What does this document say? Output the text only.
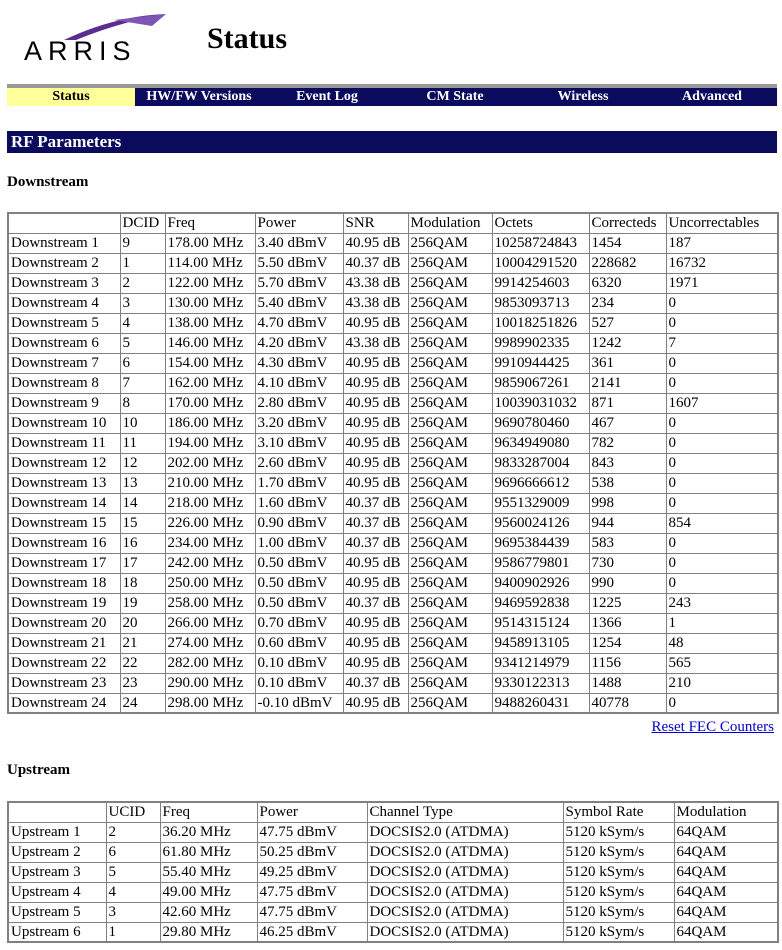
ARRIS Status
Status	HW/FW Versions	Event Log	CM State	Wireless	Advanced
RF Parameters
Downstream
	DCID	Freq	Power	SNR	Modulation	Octets	Correcteds	Uncorrectables
Downstream 1	9	178.00 MHz	3.40 dBmV	40.95 dB	256QAM	10258724843	1454	187
Downstream 2	1	114.00 MHz	5.50 dBmV	40.37 dB	256QAM	10004291520	228682	16732
Downstream 3	2	122.00 MHz	5.70 dBmV	43.38 dB	256QAM	9914254603	6320	1971
Downstream 4	3	130.00 MHz	5.40 dBmV	43.38 dB	256QAM	9853093713	234	0
Downstream 5	4	138.00 MHz	4.70 dBmV	40.95 dB	256QAM	10018251826	527	0
Downstream 6	5	146.00 MHz	4.20 dBmV	43.38 dB	256QAM	9989902335	1242	7
Downstream 7	6	154.00 MHz	4.30 dBmV	40.95 dB	256QAM	9910944425	361	0
Downstream 8	7	162.00 MHz	4.10 dBmV	40.95 dB	256QAM	9859067261	2141	0
Downstream 9	8	170.00 MHz	2.80 dBmV	40.95 dB	256QAM	10039031032	871	1607
Downstream 10	10	186.00 MHz	3.20 dBmV	40.95 dB	256QAM	9690780460	467	0
Downstream 11	11	194.00 MHz	3.10 dBmV	40.95 dB	256QAM	9634949080	782	0
Downstream 12	12	202.00 MHz	2.60 dBmV	40.95 dB	256QAM	9833287004	843	0
Downstream 13	13	210.00 MHz	1.70 dBmV	40.95 dB	256QAM	9696666612	538	0
Downstream 14	14	218.00 MHz	1.60 dBmV	40.37 dB	256QAM	9551329009	998	0
Downstream 15	15	226.00 MHz	0.90 dBmV	40.37 dB	256QAM	9560024126	944	854
Downstream 16	16	234.00 MHz	1.00 dBmV	40.37 dB	256QAM	9695384439	583	0
Downstream 17	17	242.00 MHz	0.50 dBmV	40.95 dB	256QAM	9586779801	730	0
Downstream 18	18	250.00 MHz	0.50 dBmV	40.95 dB	256QAM	9400902926	990	0
Downstream 19	19	258.00 MHz	0.50 dBmV	40.37 dB	256QAM	9469592838	1225	243
Downstream 20	20	266.00 MHz	0.70 dBmV	40.95 dB	256QAM	9514315124	1366	1
Downstream 21	21	274.00 MHz	0.60 dBmV	40.95 dB	256QAM	9458913105	1254	48
Downstream 22	22	282.00 MHz	0.10 dBmV	40.95 dB	256QAM	9341214979	1156	565
Downstream 23	23	290.00 MHz	0.10 dBmV	40.37 dB	256QAM	9330122313	1488	210
Downstream 24	24	298.00 MHz	-0.10 dBmV	40.95 dB	256QAM	9488260431	40778	0
Reset FEC Counters
Upstream
	UCID	Freq	Power	Channel Type	Symbol Rate	Modulation
Upstream 1	2	36.20 MHz	47.75 dBmV	DOCSIS2.0 (ATDMA)	5120 kSym/s	64QAM
Upstream 2	6	61.80 MHz	50.25 dBmV	DOCSIS2.0 (ATDMA)	5120 kSym/s	64QAM
Upstream 3	5	55.40 MHz	49.25 dBmV	DOCSIS2.0 (ATDMA)	5120 kSym/s	64QAM
Upstream 4	4	49.00 MHz	47.75 dBmV	DOCSIS2.0 (ATDMA)	5120 kSym/s	64QAM
Upstream 5	3	42.60 MHz	47.75 dBmV	DOCSIS2.0 (ATDMA)	5120 kSym/s	64QAM
Upstream 6	1	29.80 MHz	46.25 dBmV	DOCSIS2.0 (ATDMA)	5120 kSym/s	64QAM
